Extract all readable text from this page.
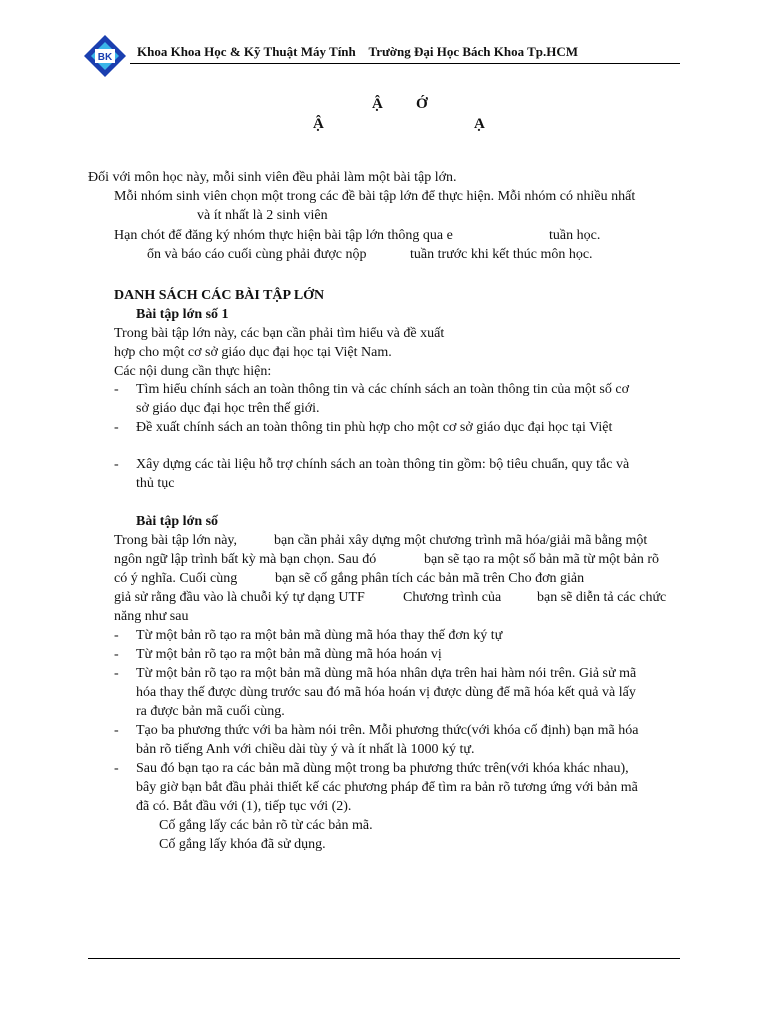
BK Khoa Khoa Học & Kỹ Thuật Máy Tính    Trường Đại Học Bách Khoa Tp.HCM
Ậ Ớ
Ậ	Ạ
Đối với môn học này, mỗi sinh viên đều phải làm một bài tập lớn.
Mỗi nhóm sinh viên chọn một trong các đề bài tập lớn để thực hiện. Mỗi nhóm có nhiều nhất
và ít nhất là 2 sinh viên
Hạn chót để đăng ký nhóm thực hiện bài tập lớn thông qua e	tuần học.
ổn và báo cáo cuối cùng phải được nộp	tuần trước khi kết thúc môn học.
DANH SÁCH CÁC BÀI TẬP LỚN
Bài tập lớn số 1
Trong bài tập lớn này, các bạn cần phải tìm hiểu và đề xuất
hợp cho một cơ sở giáo dục đại học tại Việt Nam.
Các nội dung cần thực hiện:
- Tìm hiểu chính sách an toàn thông tin và các chính sách an toàn thông tin của một số cơ
sở giáo dục đại học trên thế giới.
- Đề xuất chính sách an toàn thông tin phù hợp cho một cơ sở giáo dục đại học tại Việt
- Xây dựng các tài liệu hỗ trợ chính sách an toàn thông tin gồm: bộ tiêu chuẩn, quy tắc và
thủ tục
Bài tập lớn số
Trong bài tập lớn này,	bạn cần phải xây dựng một chương trình mã hóa/giải mã bằng một
ngôn ngữ lập trình bất kỳ mà bạn chọn. Sau đó	bạn sẽ tạo ra một số bản mã từ một bản rõ
có ý nghĩa. Cuối cùng	bạn sẽ cố gắng phân tích các bản mã trên Cho đơn giản
giả sử rằng đầu vào là chuỗi ký tự dạng UTF	Chương trình của	bạn sẽ diễn tả các chức
năng như sau
- Từ một bản rõ tạo ra một bản mã dùng mã hóa thay thế đơn ký tự
- Từ một bản rõ tạo ra một bản mã dùng mã hóa hoán vị
- Từ một bản rõ tạo ra một bản mã dùng mã hóa nhân dựa trên hai hàm nói trên. Giả sử mã
hóa thay thế được dùng trước sau đó mã hóa hoán vị được dùng để mã hóa kết quả và lấy
ra được bản mã cuối cùng.
- Tạo ba phương thức với ba hàm nói trên. Mỗi phương thức(với khóa cố định) bạn mã hóa
bản rõ tiếng Anh với chiều dài tùy ý và ít nhất là 1000 ký tự.
- Sau đó bạn tạo ra các bản mã dùng một trong ba phương thức trên(với khóa khác nhau),
bây giờ bạn bắt đầu phải thiết kế các phương pháp để tìm ra bản rõ tương ứng với bản mã
đã có. Bắt đầu với (1), tiếp tục với (2).
Cố gắng lấy các bản rõ từ các bản mã.
Cố gắng lấy khóa đã sử dụng.
